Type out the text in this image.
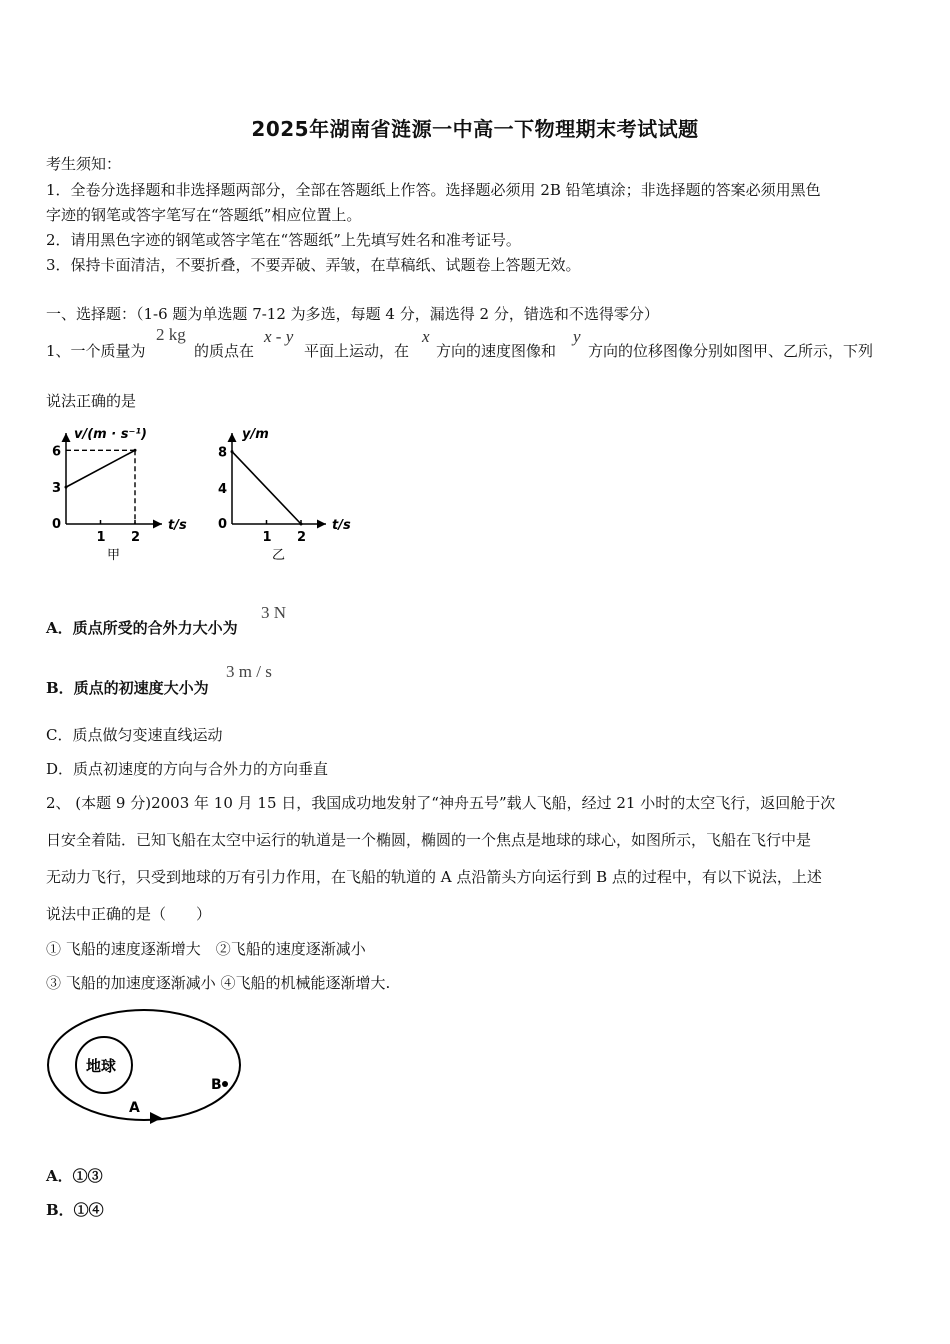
2025年湖南省涟源一中高一下物理期末考试试题
考生须知：
1．全卷分选择题和非选择题两部分，全部在答题纸上作答。选择题必须用 2B 铅笔填涂；非选择题的答案必须用黑色
字迹的钢笔或答字笔写在“答题纸”相应位置上。
2．请用黑色字迹的钢笔或答字笔在“答题纸”上先填写姓名和准考证号。
3．保持卡面清洁，不要折叠，不要弄破、弄皱，在草稿纸、试题卷上答题无效。
一、选择题：（1-6 题为单选题 7-12 为多选，每题 4 分，漏选得 2 分，错选和不选得零分）
1、一个质量为
2 kg
的质点在
x - y
平面上运动，在
x
方向的速度图像和
y
方向的位移图像分别如图甲、乙所示，下列
说法正确的是
v/(m · s⁻¹)
t/s
甲
0
3
6
1 2
y/m
t/s
乙
0
4
8
1 2
A．质点所受的合外力大小为
3 N
B．质点的初速度大小为
3 m / s
C．质点做匀变速直线运动
D．质点初速度的方向与合外力的方向垂直
2、 (本题 9 分)2003 年 10 月 15 日，我国成功地发射了“神舟五号”载人飞船，经过 21 小时的太空飞行，返回舱于次
日安全着陆．已知飞船在太空中运行的轨道是一个椭圆，椭圆的一个焦点是地球的球心，如图所示，飞船在飞行中是
无动力飞行，只受到地球的万有引力作用，在飞船的轨道的 A 点沿箭头方向运行到 B 点的过程中，有以下说法，上述
说法中正确的是（　　）
① 飞船的速度逐渐增大　②飞船的速度逐渐减小
③ 飞船的加速度逐渐减小 ④飞船的机械能逐渐增大.
地球
B
A
A．①③
B．①④
